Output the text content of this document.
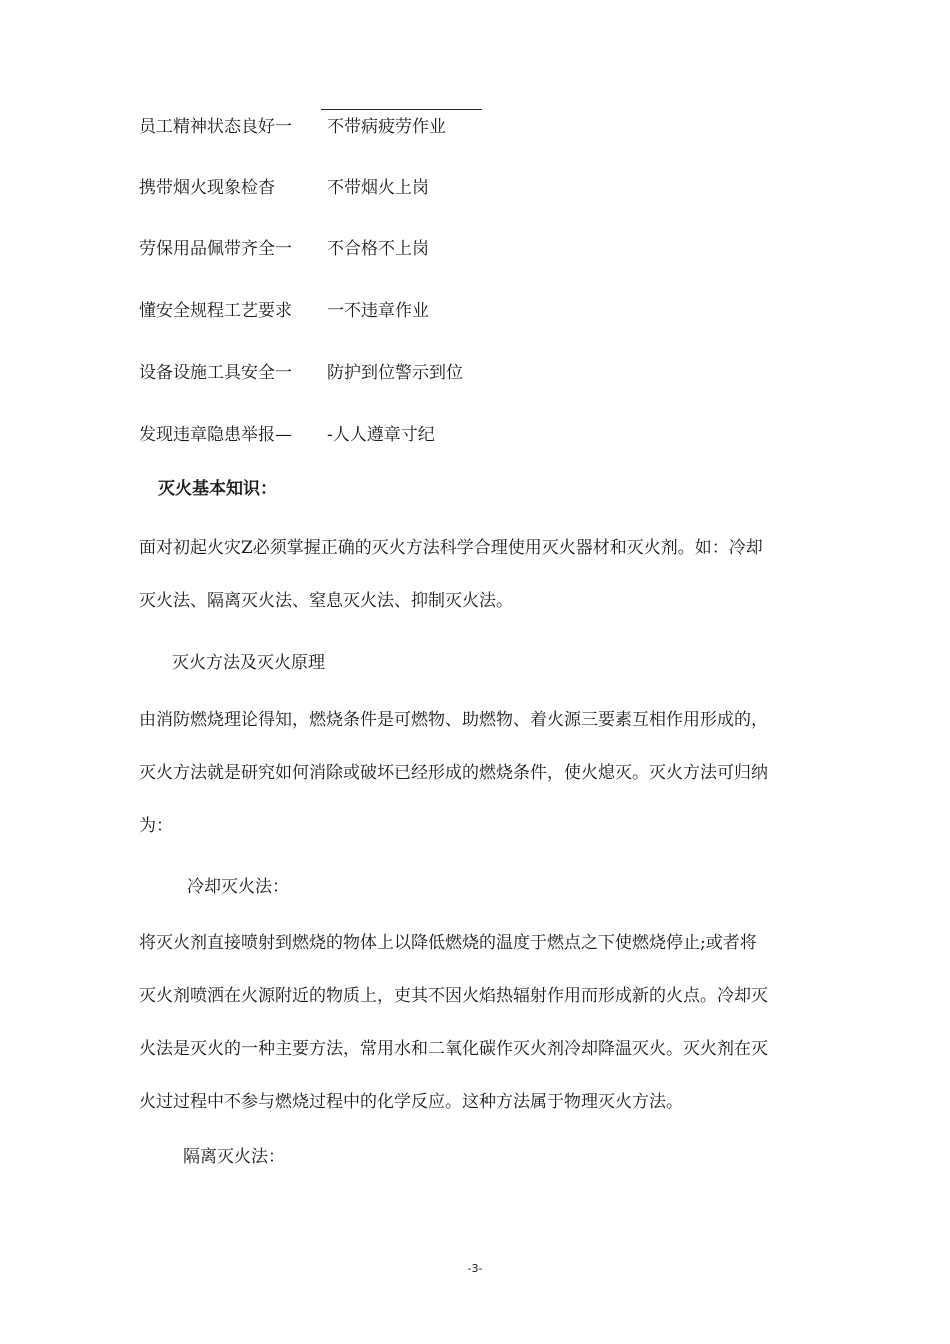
员工精神状态良好一 不带病疲劳作业
携带烟火现象检杳	不带烟火上岗
劳保用品佩带齐全一 不合格不上岗
懂安全规程工艺要求 一不违章作业
设备设施工具安全一 防护到位警示到位
发现违章隐患举报— -人人遵章寸纪
灭火基本知识：

面对初起火灾Z必须掌握正确的灭火方法科学合理使用灭火器材和灭火剂。如：冷却
灭火法、隔离灭火法、窒息灭火法、抑制灭火法。

灭火方法及灭火原理

由消防燃烧理论得知，燃烧条件是可燃物、助燃物、着火源三要素互相作用形成的，
灭火方法就是研究如何消除或破坏已经形成的燃烧条件，使火熄灭。灭火方法可归纳
为：

冷却灭火法：

将灭火剂直接喷射到燃烧的物体上以降低燃烧的温度于燃点之下使燃烧停止;或者将
灭火剂喷洒在火源附近的物质上，吏其不因火焰热辐射作用而形成新的火点。冷却灭
火法是灭火的一种主要方法，常用水和二氧化碳作灭火剂冷却降温灭火。灭火剂在灭
火过过程中不参与燃烧过程中的化学反应。这种方法属于物理灭火方法。

隔离灭火法：
-3-
